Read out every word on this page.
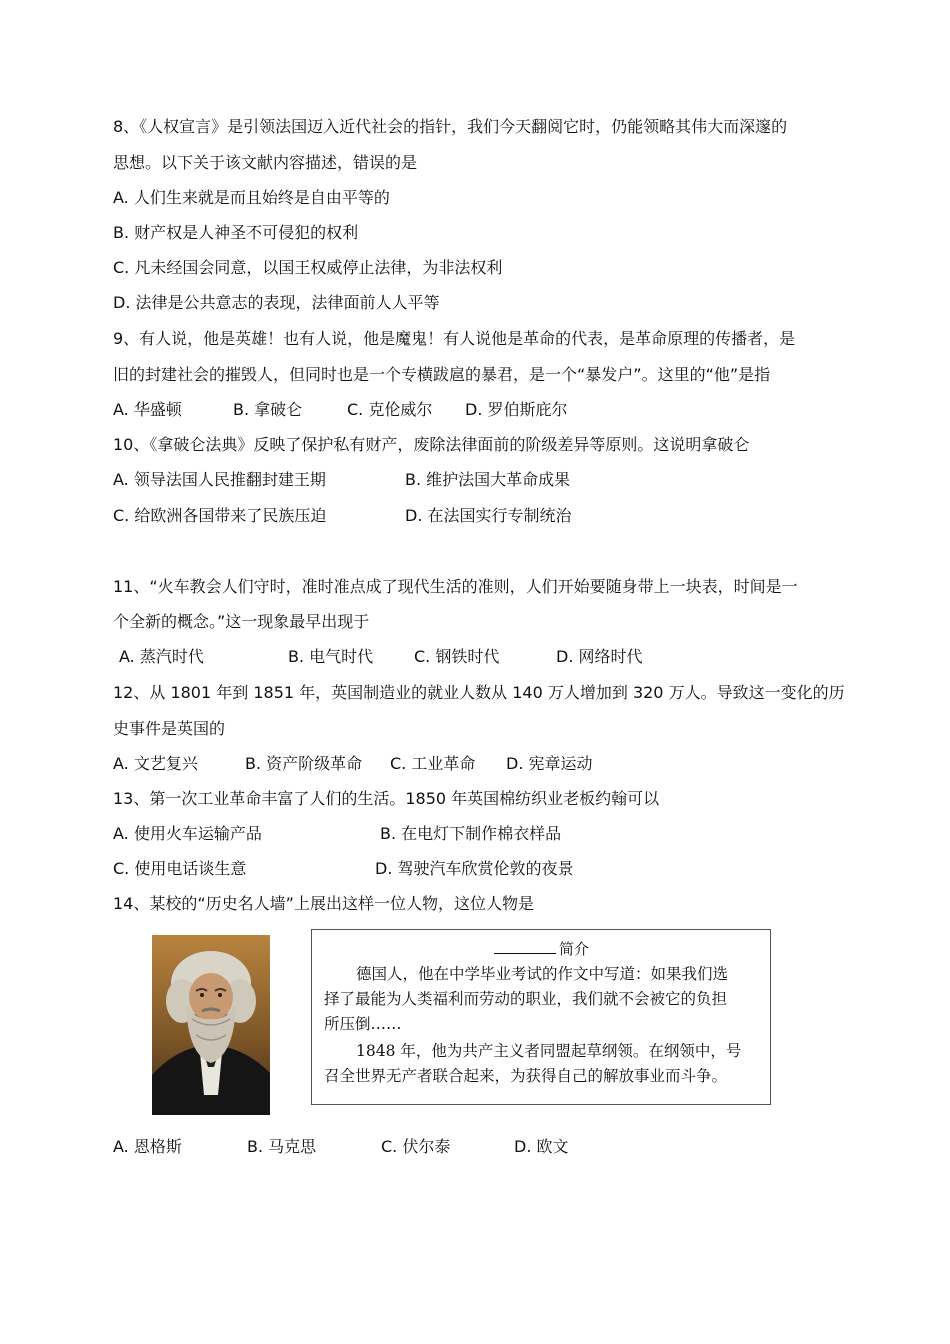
8、《人权宣言》是引领法国迈入近代社会的指针，我们今天翻阅它时，仍能领略其伟大而深邃的
思想。以下关于该文献内容描述，错误的是
A. 人们生来就是而且始终是自由平等的
B. 财产权是人神圣不可侵犯的权利
C. 凡未经国会同意，以国王权威停止法律，为非法权利
D. 法律是公共意志的表现，法律面前人人平等
9、有人说，他是英雄！也有人说，他是魔鬼！有人说他是革命的代表，是革命原理的传播者，是
旧的封建社会的摧毁人，但同时也是一个专横跋扈的暴君，是一个“暴发户”。这里的“他”是指
A. 华盛顿	B. 拿破仑	C. 克伦威尔 D. 罗伯斯庇尔
10、《拿破仑法典》反映了保护私有财产，废除法律面前的阶级差异等原则。这说明拿破仑
A. 领导法国人民推翻封建王期	B. 维护法国大革命成果
C. 给欧洲各国带来了民族压迫	D. 在法国实行专制统治
11、“火车教会人们守时，准时准点成了现代生活的准则，人们开始要随身带上一块表，时间是一
个全新的概念。”这一现象最早出现于
A. 蒸汽时代	B. 电气时代	C. 钢铁时代	D. 网络时代
12、从 1801 年到 1851 年，英国制造业的就业人数从 140 万人增加到 320 万人。导致这一变化的历
史事件是英国的
A. 文艺复兴	B. 资产阶级革命 C. 工业革命 D. 宪章运动
13、第一次工业革命丰富了人们的生活。1850 年英国棉纺织业老板约翰可以
A. 使用火车运输产品	B. 在电灯下制作棉衣样品
C. 使用电话谈生意	D. 驾驶汽车欣赏伦敦的夜景
14、某校的“历史名人墙”上展出这样一位人物，这位人物是
简介
德国人，他在中学毕业考试的作文中写道：如果我们选
择了最能为人类福利而劳动的职业，我们就不会被它的负担
所压倒……
1848 年，他为共产主义者同盟起草纲领。在纲领中，号
召全世界无产者联合起来，为获得自己的解放事业而斗争。
A. 恩格斯	B. 马克思	C. 伏尔泰	D. 欧文
